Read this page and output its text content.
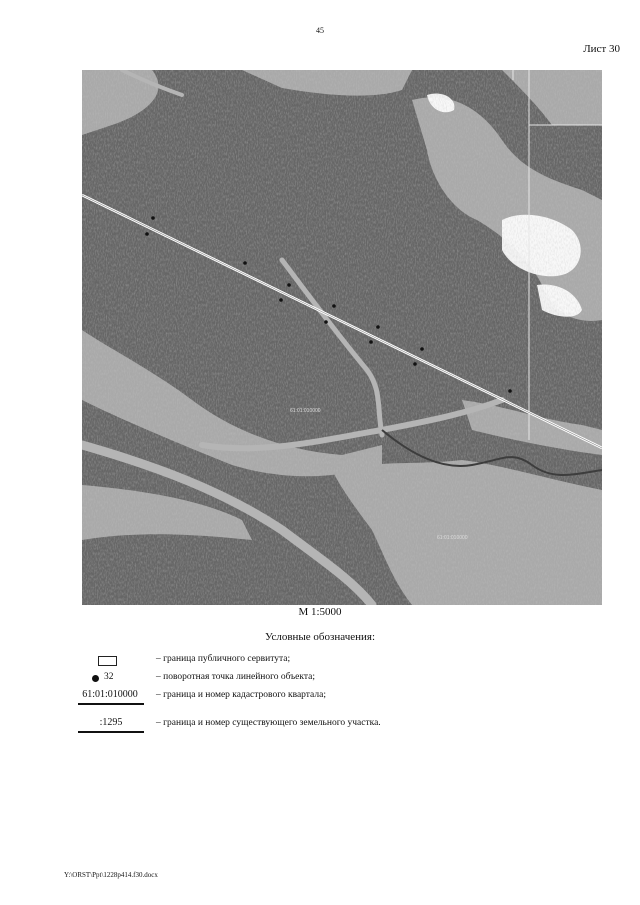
45
Лист 30
61:01:010000
61:01:010000
М 1:5000
Условные обозначения:
– граница публичного сервитута;
32	– поворотная точка линейного объекта;
61:01:010000	– граница и номер кадастрового квартала;
:1295	– граница и номер существующего земельного участка.
Y:\ORST\Ppt\1228p414.f30.docx
